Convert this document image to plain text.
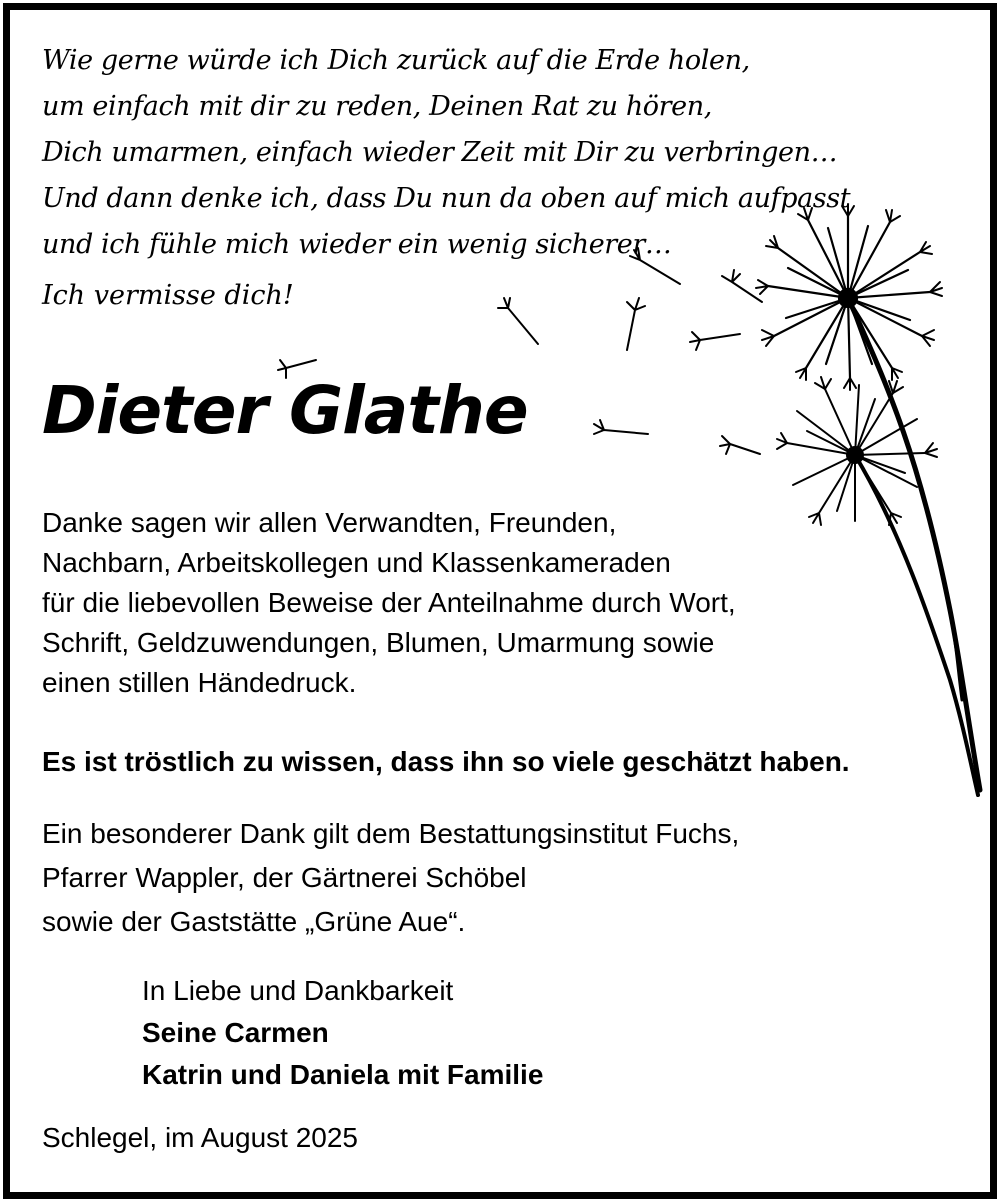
Wie gerne würde ich Dich zurück auf die Erde holen,
um einfach mit dir zu reden, Deinen Rat zu hören,
Dich umarmen, einfach wieder Zeit mit Dir zu verbringen…
Und dann denke ich, dass Du nun da oben auf mich aufpasst
und ich fühle mich wieder ein wenig sicherer…
Ich vermisse dich!
Dieter Glathe
Danke sagen wir allen Verwandten, Freunden,
Nachbarn, Arbeitskollegen und Klassenkameraden
für die liebevollen Beweise der Anteilnahme durch Wort,
Schrift, Geldzuwendungen, Blumen, Umarmung sowie
einen stillen Händedruck.
Es ist tröstlich zu wissen, dass ihn so viele geschätzt haben.
Ein besonderer Dank gilt dem Bestattungsinstitut Fuchs,
Pfarrer Wappler, der Gärtnerei Schöbel
sowie der Gaststätte „Grüne Aue“.
In Liebe und Dankbarkeit
Seine Carmen
Katrin und Daniela mit Familie
Schlegel, im August 2025
